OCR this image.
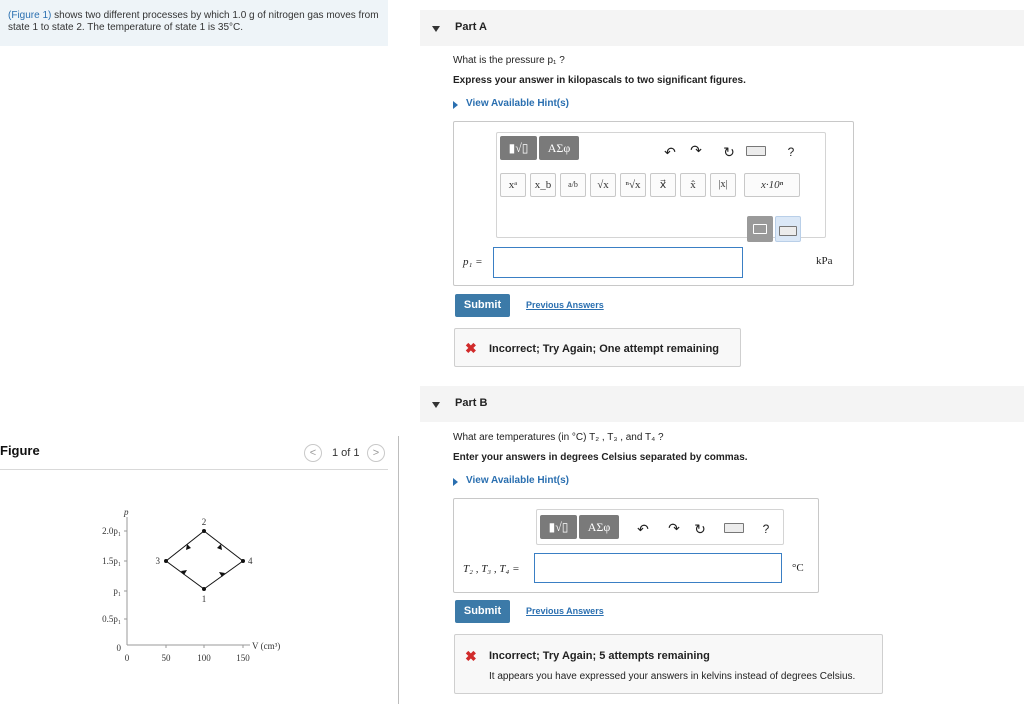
(Figure 1) shows two different processes by which 1.0 g of nitrogen gas moves from state 1 to state 2. The temperature of state 1 is 35°C.
Figure	<	1 of 1	>
p
2.0p₁
1.5p₁
p₁
0.5p₁
0
0	50	100	150
V (cm³)
1
2
3	4
Part A
What is the pressure p₁ ?
Express your answer in kilopascals to two significant figures.
View Available Hint(s)
▮√▯	ΑΣφ	↶ ↷ ↻	?
xᵃ	x_b	a/b	√x	ⁿ√x	x⃗	x̂	|x|	x·10ⁿ
p₁ =	kPa
Submit	Previous Answers
✖ Incorrect; Try Again; One attempt remaining
Part B
What are temperatures (in °C) T₂ , T₃ , and T₄ ?
Enter your answers in degrees Celsius separated by commas.
View Available Hint(s)
▮√▯	ΑΣφ	↶ ↷ ↻	?
T₂ , T₃ , T₄ =	°C
Submit	Previous Answers
✖ Incorrect; Try Again; 5 attempts remaining
It appears you have expressed your answers in kelvins instead of degrees Celsius.
